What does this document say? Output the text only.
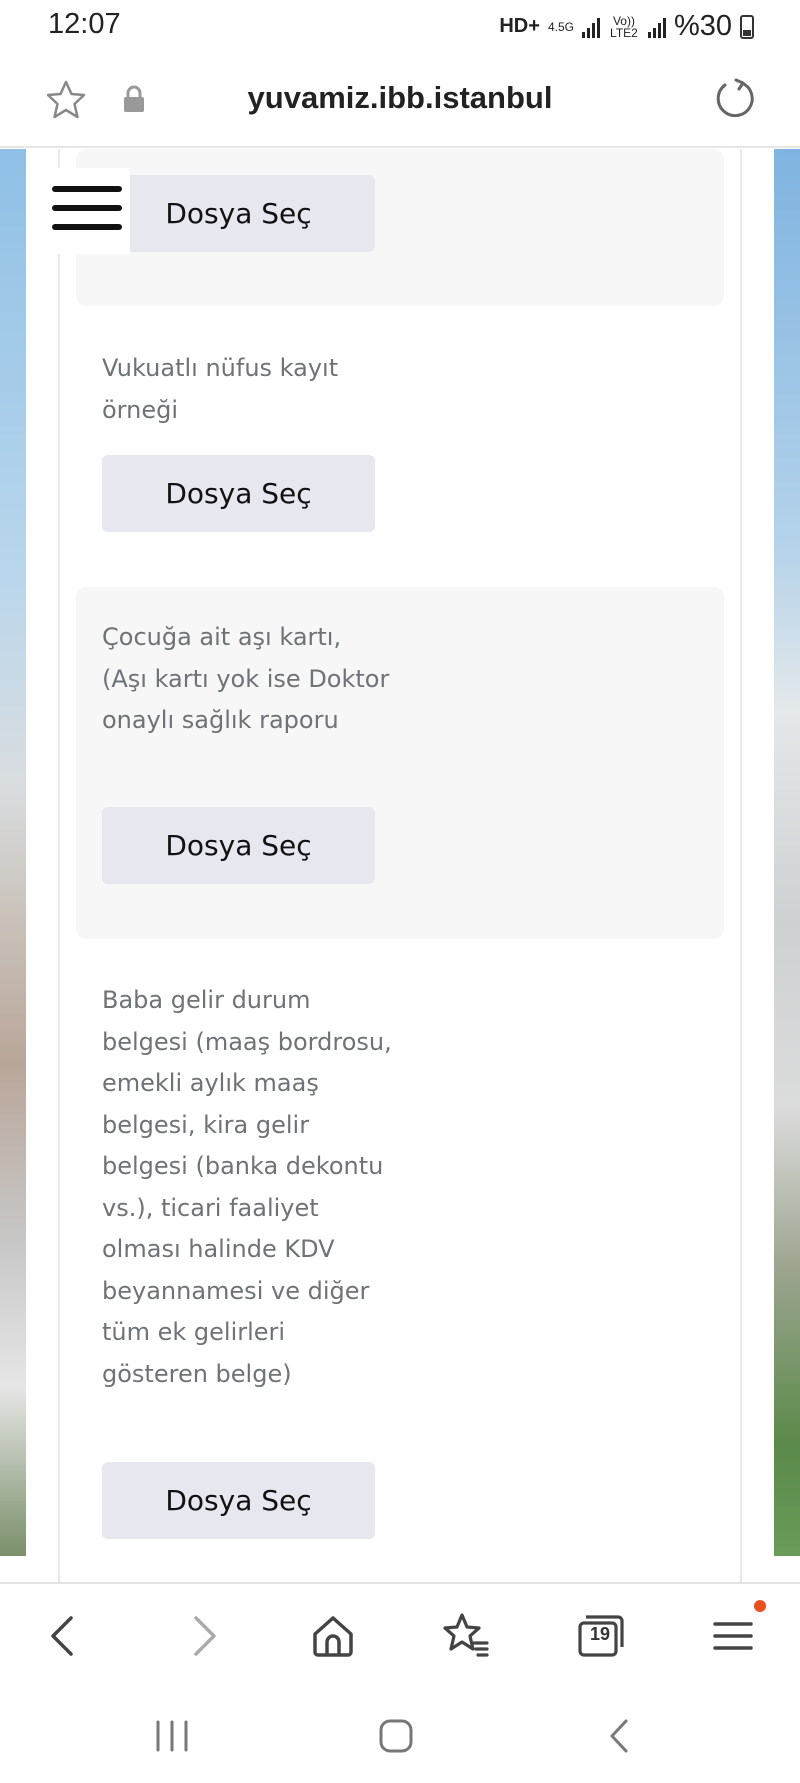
12:07	HD+ 4.5G	Vo)) LTE2 %30
yuvamiz.ibb.istanbul
Dosya Seç
Vukuatlı nüfus kayıt örneği
Dosya Seç
Çocuğa ait aşı kartı, (Aşı kartı yok ise Doktor onaylı sağlık raporu
Dosya Seç
Baba gelir durum belgesi (maaş bordrosu, emekli aylık maaş belgesi, kira gelir belgesi (banka dekontu vs.), ticari faaliyet olması halinde KDV beyannamesi ve diğer tüm ek gelirleri gösteren belge)
Dosya Seç
19
